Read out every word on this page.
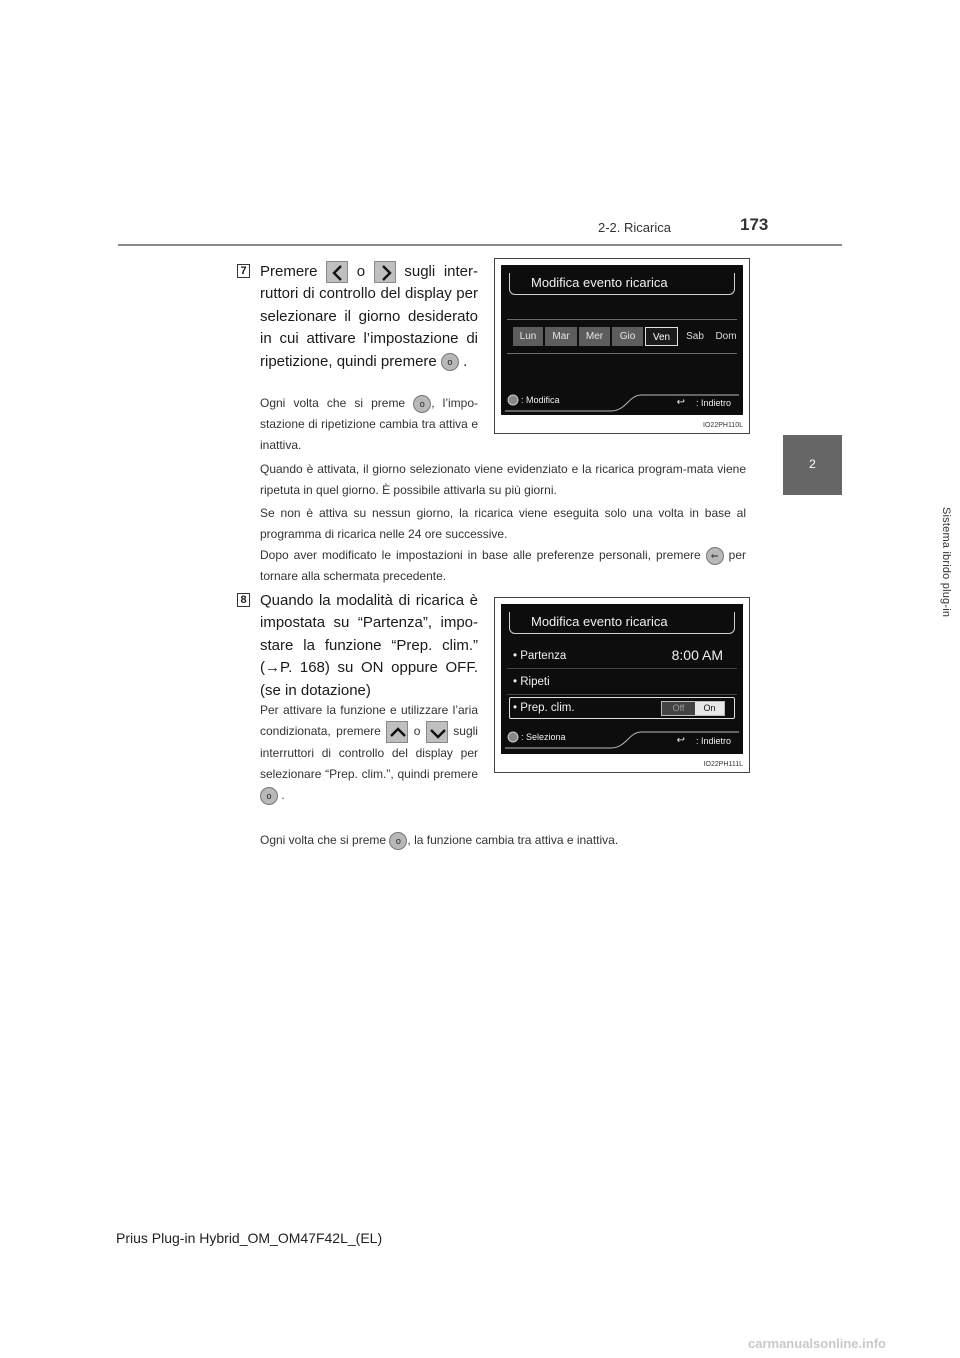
2-2. Ricarica	173
2
Sistema ibrido plug-in
7 Premere	o	sugli inter-ruttori di controllo del display per selezionare il giorno desiderato in cui attivare l’impostazione di ripetizione, quindi premere	o .
Ogni volta che si preme	o , l’impo-stazione di ripetizione cambia tra attiva e inattiva.
Quando è attivata, il giorno selezionato viene evidenziato e la ricarica program-mata viene ripetuta in quel giorno. È possibile attivarla su più giorni.
Se non è attiva su nessun giorno, la ricarica viene eseguita solo una volta in base al programma di ricarica nelle 24 ore successive.
Dopo aver modificato le impostazioni in base alle preferenze personali, premere	⇐ per tornare alla schermata precedente.
Modifica evento ricarica
Lun	Mar	Mer	Gio	Ven	Sab	Dom
: Modifica	: Indietro
↩
IO22PH110L
8 Quando la modalità di ricarica è impostata su “Partenza”, impo-stare la funzione “Prep. clim.” (→P. 168) su ON oppure OFF. (se in dotazione)
Per attivare la funzione e utilizzare l’aria condizionata, premere	o	sugli interruttori di controllo del display per selezionare “Prep. clim.”, quindi premere
o .
Ogni volta che si preme	o , la funzione cambia tra attiva e inattiva.
Modifica evento ricarica
• Partenza	8:00 AM
• Ripeti
• Prep. clim.	Off	On
: Seleziona	: Indietro
↩
IO22PH111L
Prius Plug-in Hybrid_OM_OM47F42L_(EL)
carmanualsonline.info
